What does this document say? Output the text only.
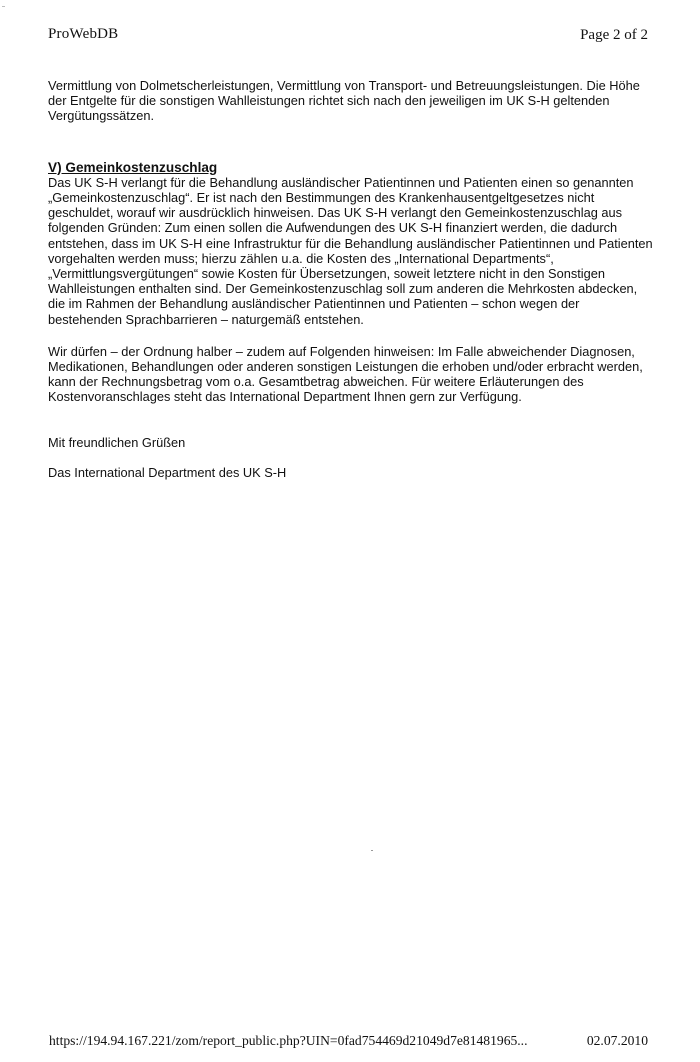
ProWebDB	Page 2 of 2

Vermittlung von Dolmetscherleistungen, Vermittlung von Transport- und Betreuungsleistungen. Die Höhe der Entgelte für die sonstigen Wahlleistungen richtet sich nach den jeweiligen im UK S-H geltenden Vergütungssätzen.

V) Gemeinkostenzuschlag

Das UK S-H verlangt für die Behandlung ausländischer Patientinnen und Patienten einen so genannten „Gemeinkostenzuschlag“. Er ist nach den Bestimmungen des Krankenhausentgeltgesetzes nicht geschuldet, worauf wir ausdrücklich hinweisen. Das UK S-H verlangt den Gemeinkostenzuschlag aus folgenden Gründen: Zum einen sollen die Aufwendungen des UK S-H finanziert werden, die dadurch entstehen, dass im UK S-H eine Infrastruktur für die Behandlung ausländischer Patientinnen und Patienten vorgehalten werden muss; hierzu zählen u.a. die Kosten des „International Departments“, „Vermittlungsvergütungen“ sowie Kosten für Übersetzungen, soweit letztere nicht in den Sonstigen Wahlleistungen enthalten sind. Der Gemeinkostenzuschlag soll zum anderen die Mehrkosten abdecken, die im Rahmen der Behandlung ausländischer Patientinnen und Patienten – schon wegen der bestehenden Sprachbarrieren – naturgemäß entstehen.

Wir dürfen – der Ordnung halber – zudem auf Folgenden hinweisen: Im Falle abweichender Diagnosen, Medikationen, Behandlungen oder anderen sonstigen Leistungen die erhoben und/oder erbracht werden, kann der Rechnungsbetrag vom o.a. Gesamtbetrag abweichen. Für weitere Erläuterungen des Kostenvoranschlages steht das International Department Ihnen gern zur Verfügung.

Mit freundlichen Grüßen

Das International Department des UK S-H

https://194.94.167.221/zom/report_public.php?UIN=0fad754469d21049d7e81481965...	02.07.2010
